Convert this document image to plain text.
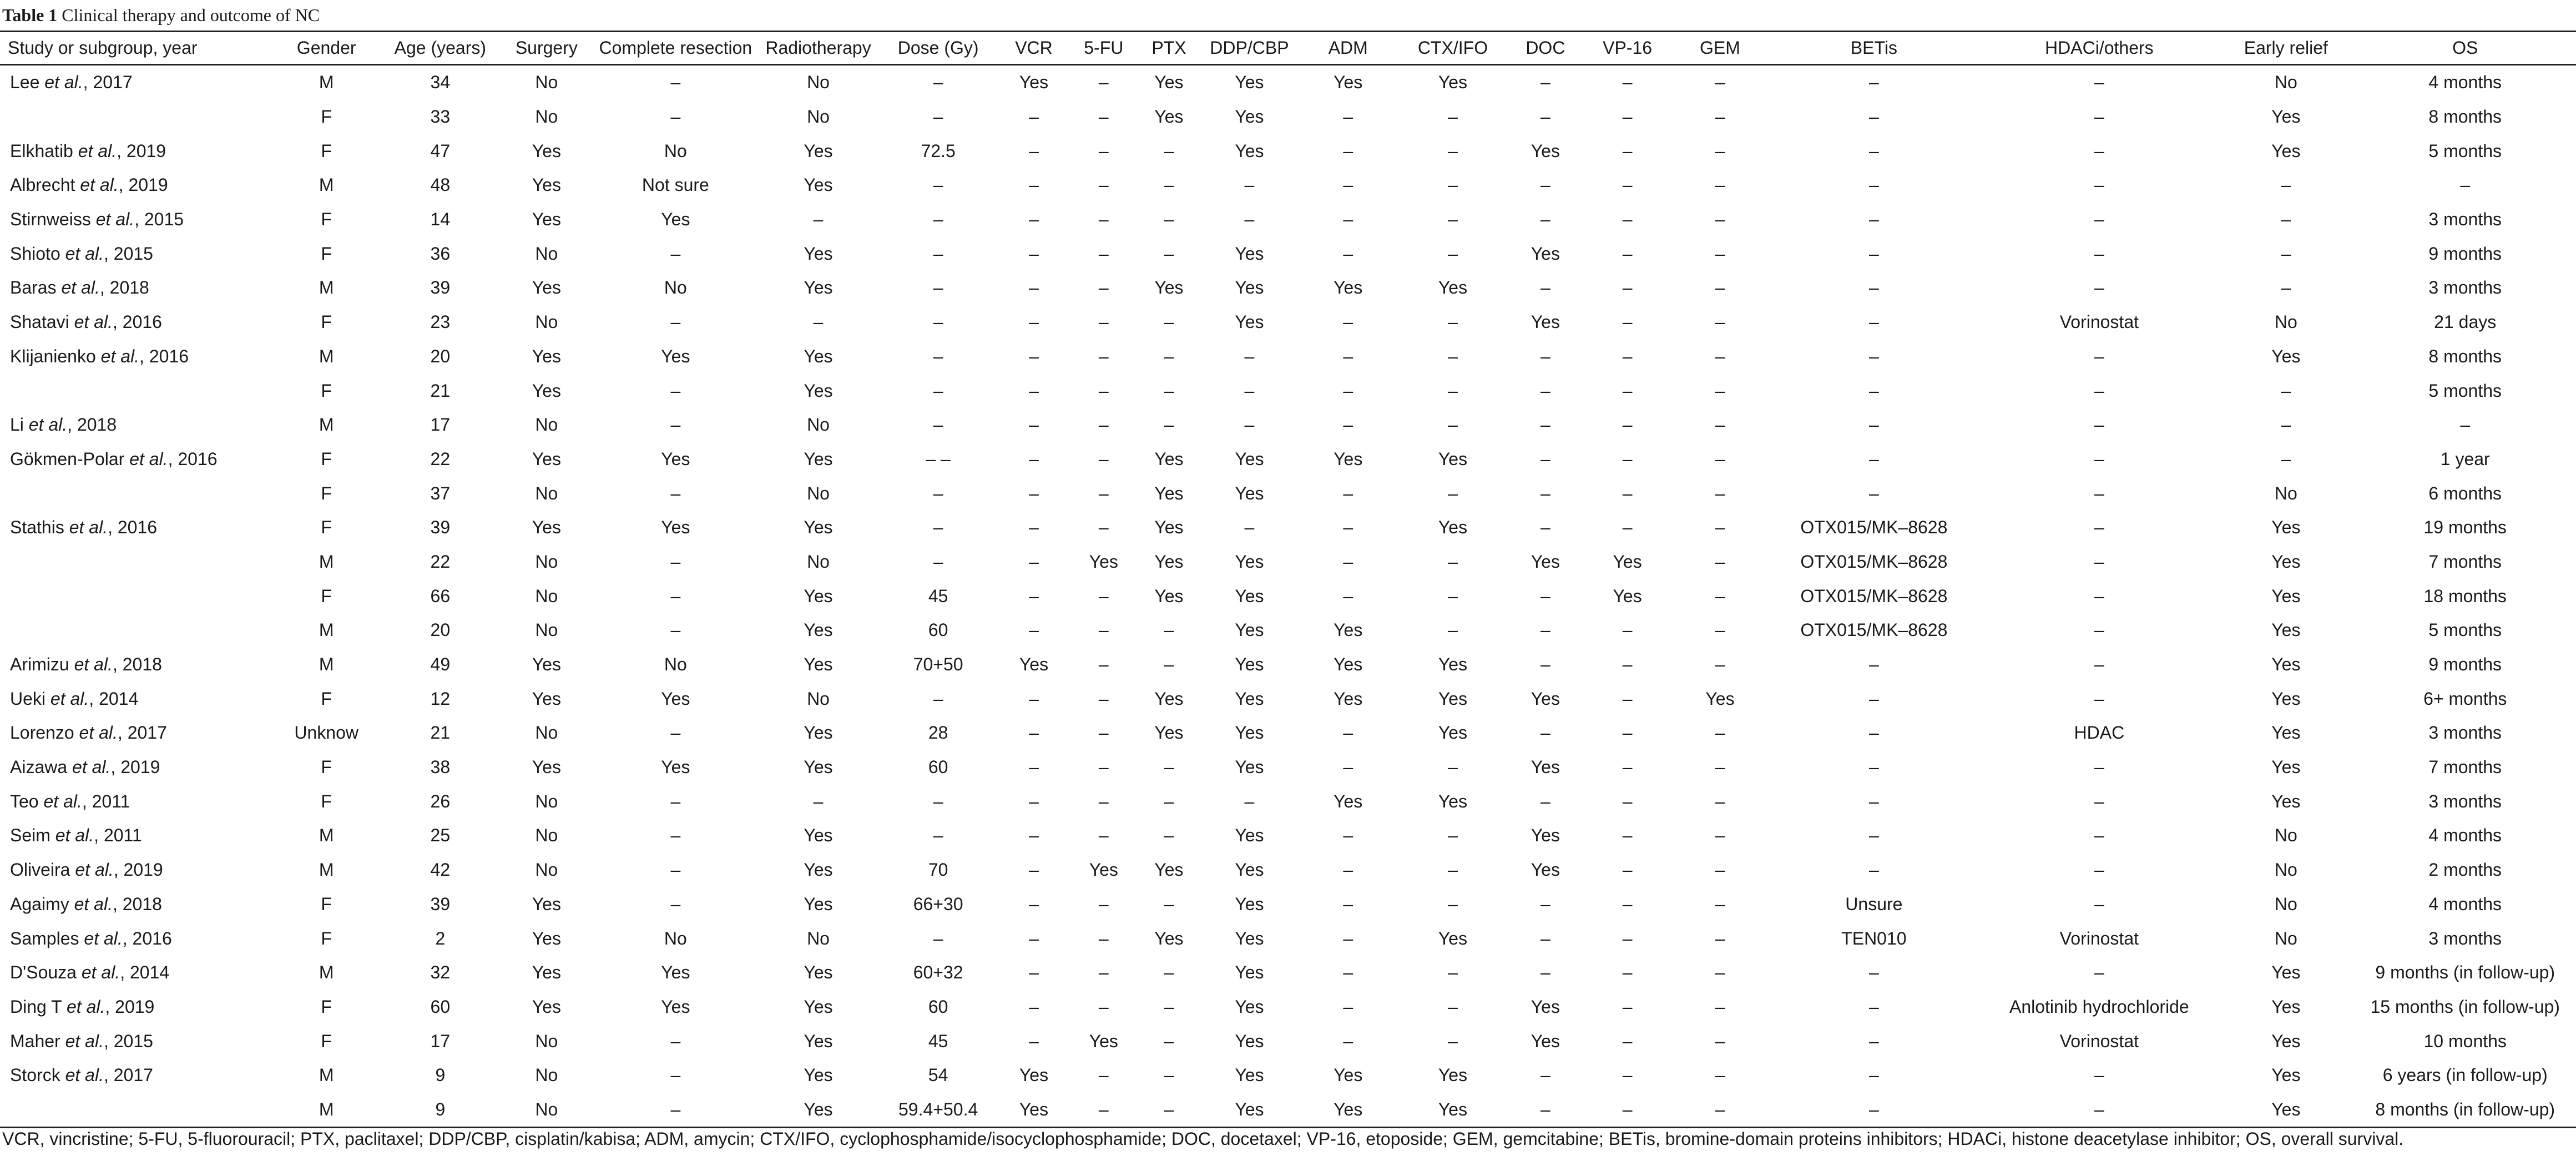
Table 1 Clinical therapy and outcome of NC
Study or subgroup, year	Gender	Age (years)	Surgery	Complete resection	Radiotherapy	Dose (Gy)	VCR	5-FU	PTX	DDP/CBP	ADM	CTX/IFO	DOC	VP-16	GEM	BETis	HDACi/others	Early relief	OS
Lee et al., 2017	M	34	No	–	No	–	Yes	–	Yes	Yes	Yes	Yes	–	–	–	–	–	No	4 months
	F	33	No	–	No	–	–	–	Yes	Yes	–	–	–	–	–	–	–	Yes	8 months
Elkhatib et al., 2019	F	47	Yes	No	Yes	72.5	–	–	–	Yes	–	–	Yes	–	–	–	–	Yes	5 months
Albrecht et al., 2019	M	48	Yes	Not sure	Yes	–	–	–	–	–	–	–	–	–	–	–	–	–	–
Stirnweiss et al., 2015	F	14	Yes	Yes	–	–	–	–	–	–	–	–	–	–	–	–	–	–	3 months
Shioto et al., 2015	F	36	No	–	Yes	–	–	–	–	Yes	–	–	Yes	–	–	–	–	–	9 months
Baras et al., 2018	M	39	Yes	No	Yes	–	–	–	Yes	Yes	Yes	Yes	–	–	–	–	–	–	3 months
Shatavi et al., 2016	F	23	No	–	–	–	–	–	–	Yes	–	–	Yes	–	–	–	Vorinostat	No	21 days
Klijanienko et al., 2016	M	20	Yes	Yes	Yes	–	–	–	–	–	–	–	–	–	–	–	–	Yes	8 months
	F	21	Yes	–	Yes	–	–	–	–	–	–	–	–	–	–	–	–	–	5 months
Li et al., 2018	M	17	No	–	No	–	–	–	–	–	–	–	–	–	–	–	–	–	–
Gökmen-Polar et al., 2016	F	22	Yes	Yes	Yes	– –	–	–	Yes	Yes	Yes	Yes	–	–	–	–	–	–	1 year
	F	37	No	–	No	–	–	–	Yes	Yes	–	–	–	–	–	–	–	No	6 months
Stathis et al., 2016	F	39	Yes	Yes	Yes	–	–	–	Yes	–	–	Yes	–	–	–	OTX015/MK–8628	–	Yes	19 months
	M	22	No	–	No	–	–	Yes	Yes	Yes	–	–	Yes	Yes	–	OTX015/MK–8628	–	Yes	7 months
	F	66	No	–	Yes	45	–	–	Yes	Yes	–	–	–	Yes	–	OTX015/MK–8628	–	Yes	18 months
	M	20	No	–	Yes	60	–	–	–	Yes	Yes	–	–	–	–	OTX015/MK–8628	–	Yes	5 months
Arimizu et al., 2018	M	49	Yes	No	Yes	70+50	Yes	–	–	Yes	Yes	Yes	–	–	–	–	–	Yes	9 months
Ueki et al., 2014	F	12	Yes	Yes	No	–	–	–	Yes	Yes	Yes	Yes	Yes	–	Yes	–	–	Yes	6+ months
Lorenzo et al., 2017	Unknow	21	No	–	Yes	28	–	–	Yes	Yes	–	Yes	–	–	–	–	HDAC	Yes	3 months
Aizawa et al., 2019	F	38	Yes	Yes	Yes	60	–	–	–	Yes	–	–	Yes	–	–	–	–	Yes	7 months
Teo et al., 2011	F	26	No	–	–	–	–	–	–	–	Yes	Yes	–	–	–	–	–	Yes	3 months
Seim et al., 2011	M	25	No	–	Yes	–	–	–	–	Yes	–	–	Yes	–	–	–	–	No	4 months
Oliveira et al., 2019	M	42	No	–	Yes	70	–	Yes	Yes	Yes	–	–	Yes	–	–	–	–	No	2 months
Agaimy et al., 2018	F	39	Yes	–	Yes	66+30	–	–	–	Yes	–	–	–	–	–	Unsure	–	No	4 months
Samples et al., 2016	F	2	Yes	No	No	–	–	–	Yes	Yes	–	Yes	–	–	–	TEN010	Vorinostat	No	3 months
D'Souza et al., 2014	M	32	Yes	Yes	Yes	60+32	–	–	–	Yes	–	–	–	–	–	–	–	Yes	9 months (in follow-up)
Ding T et al., 2019	F	60	Yes	Yes	Yes	60	–	–	–	Yes	–	–	Yes	–	–	–	Anlotinib hydrochloride	Yes	15 months (in follow-up)
Maher et al., 2015	F	17	No	–	Yes	45	–	Yes	–	Yes	–	–	Yes	–	–	–	Vorinostat	Yes	10 months
Storck et al., 2017	M	9	No	–	Yes	54	Yes	–	–	Yes	Yes	Yes	–	–	–	–	–	Yes	6 years (in follow-up)
	M	9	No	–	Yes	59.4+50.4	Yes	–	–	Yes	Yes	Yes	–	–	–	–	–	Yes	8 months (in follow-up)
VCR, vincristine; 5-FU, 5-fluorouracil; PTX, paclitaxel; DDP/CBP, cisplatin/kabisa; ADM, amycin; CTX/IFO, cyclophosphamide/isocyclophosphamide; DOC, docetaxel; VP-16, etoposide; GEM, gemcitabine; BETis, bromine-domain proteins inhibitors; HDACi, histone deacetylase inhibitor; OS, overall survival.
